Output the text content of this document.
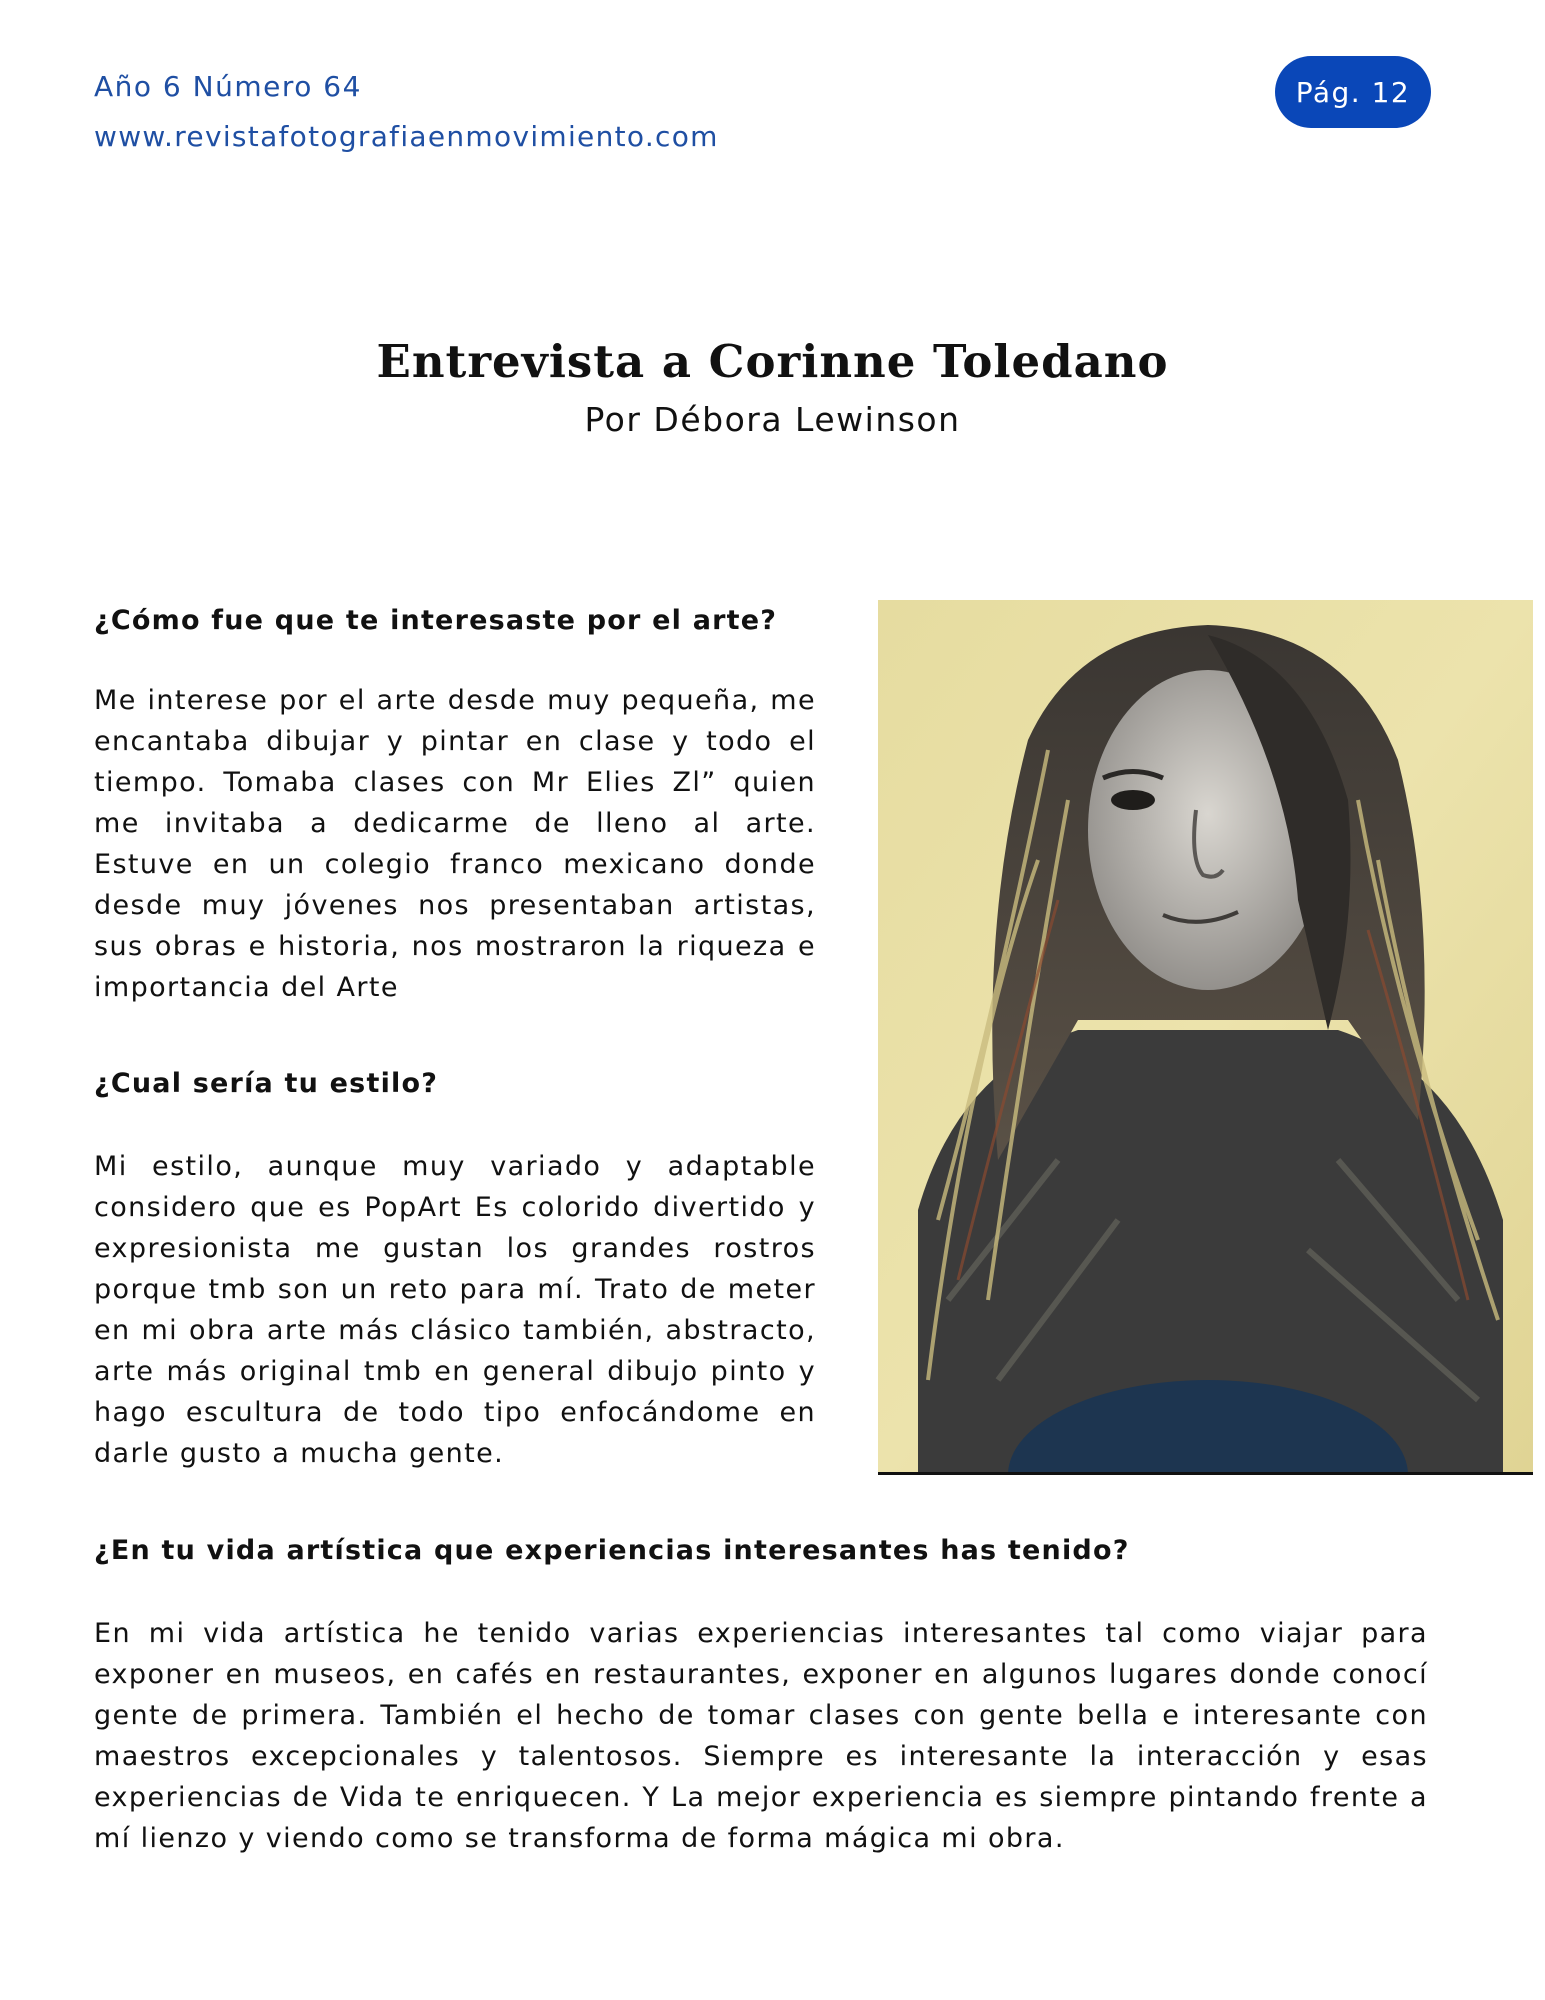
Año 6 Número 64
www.revistafotografiaenmovimiento.com
Pág. 12
Entrevista a Corinne Toledano
Por Débora Lewinson

¿Cómo fue que te interesaste por el arte?

Me interese por el arte desde muy pequeña, me encantaba dibujar y pintar en clase y todo el tiempo. Tomaba clases con Mr Elies Zl” quien me invitaba a dedicarme de lleno al arte. Estuve en un colegio franco mexicano donde desde muy jóvenes nos presentaban artistas, sus obras e historia, nos mostraron la riqueza e importancia del Arte

¿Cual sería tu estilo?

Mi estilo, aunque muy variado y adaptable considero que es PopArt Es colorido divertido y expresionista me gustan los grandes rostros porque tmb son un reto para mí. Trato de meter en mi obra arte más clásico también, abstracto, arte más original tmb en general dibujo pinto y hago escultura de todo tipo enfocándome en darle gusto a mucha gente.

¿En tu vida artística que experiencias interesantes has tenido?

En mi vida artística he tenido varias experiencias interesantes tal como viajar para exponer en museos, en cafés en restaurantes, exponer en algunos lugares donde conocí gente de primera. También el hecho de tomar clases con gente bella e interesante con maestros excepcionales y talentosos. Siempre es interesante la interacción y esas experiencias de Vida te enriquecen. Y La mejor experiencia es siempre pintando frente a mí lienzo y viendo como se transforma de forma mágica mi obra.
